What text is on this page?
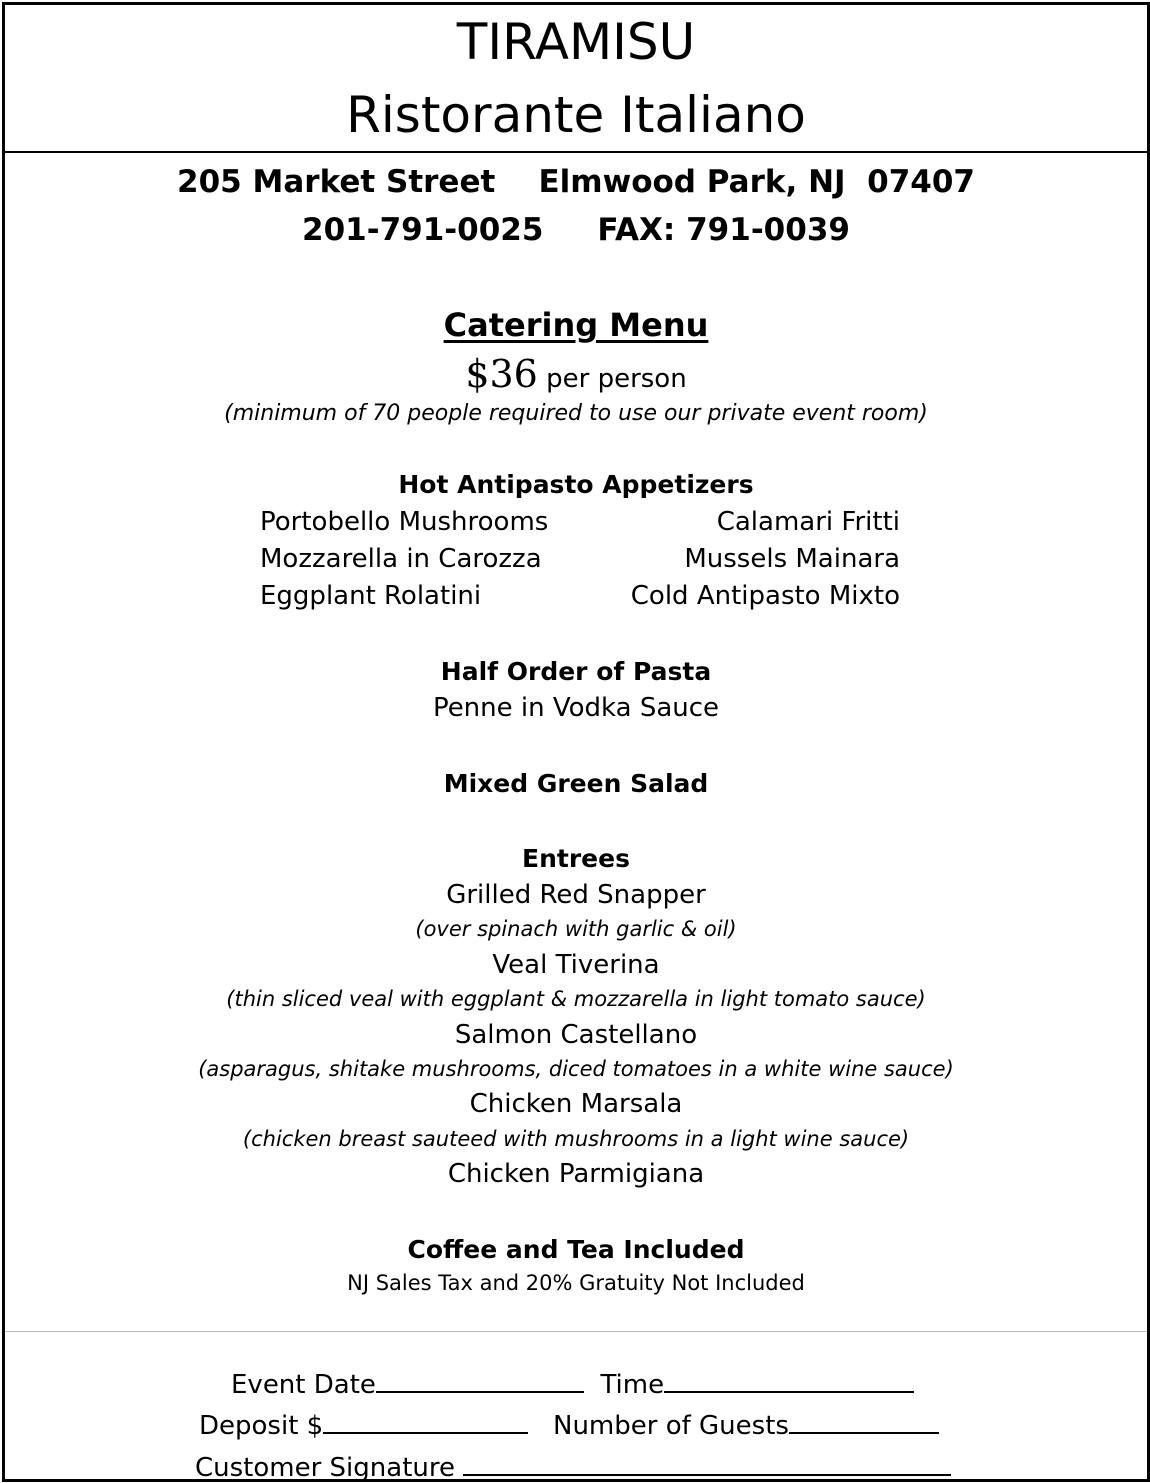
TIRAMISU
Ristorante Italiano
205 Market Street    Elmwood Park, NJ  07407
201-791-0025     FAX: 791-0039
Catering Menu
$36 per person
(minimum of 70 people required to use our private event room)
Hot Antipasto Appetizers
Portobello Mushrooms	Calamari Fritti
Mozzarella in Carozza	Mussels Mainara
Eggplant Rolatini	Cold Antipasto Mixto
Half Order of Pasta
Penne in Vodka Sauce
Mixed Green Salad
Entrees
Grilled Red Snapper
(over spinach with garlic & oil)
Veal Tiverina
(thin sliced veal with eggplant & mozzarella in light tomato sauce)
Salmon Castellano
(asparagus, shitake mushrooms, diced tomatoes in a white wine sauce)
Chicken Marsala
(chicken breast sauteed with mushrooms in a light wine sauce)
Chicken Parmigiana
Coffee and Tea Included
NJ Sales Tax and 20% Gratuity Not Included
Event Date	Time
Deposit $	Number of Guests
Customer Signature
